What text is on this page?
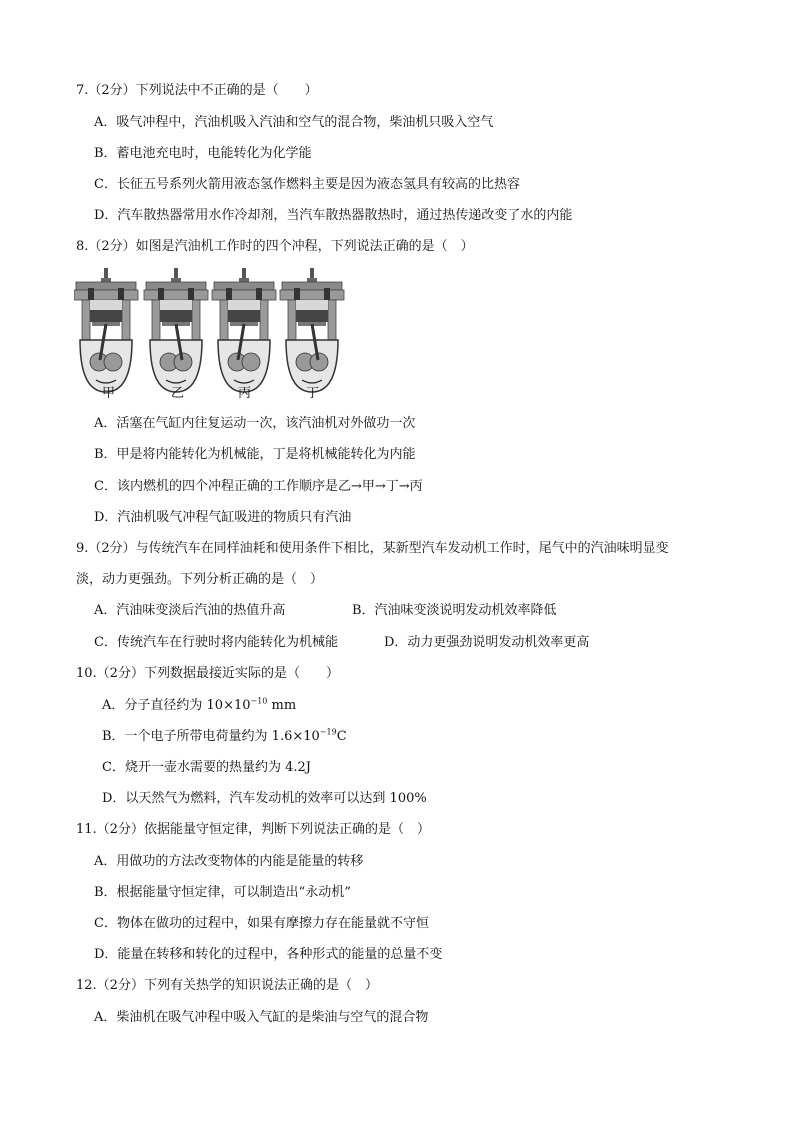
7.（2分）下列说法中不正确的是（　　）
A．吸气冲程中，汽油机吸入汽油和空气的混合物，柴油机只吸入空气
B．蓄电池充电时，电能转化为化学能
C．长征五号系列火箭用液态氢作燃料主要是因为液态氢具有较高的比热容
D．汽车散热器常用水作冷却剂，当汽车散热器散热时，通过热传递改变了水的内能
8.（2分）如图是汽油机工作时的四个冲程，下列说法正确的是（　）
甲	乙	丙	丁
A．活塞在气缸内往复运动一次，该汽油机对外做功一次
B．甲是将内能转化为机械能，丁是将机械能转化为内能
C．该内燃机的四个冲程正确的工作顺序是乙→甲→丁→丙
D．汽油机吸气冲程气缸吸进的物质只有汽油
9.（2分）与传统汽车在同样油耗和使用条件下相比，某新型汽车发动机工作时，尾气中的汽油味明显变
淡，动力更强劲。下列分析正确的是（　）
A．汽油味变淡后汽油的热值升高	B．汽油味变淡说明发动机效率降低
C．传统汽车在行驶时将内能转化为机械能	D．动力更强劲说明发动机效率更高
10.（2分）下列数据最接近实际的是（　　）
A．分子直径约为 $10\times 10^{-10}$ mm
B．一个电子所带电荷量约为 $1.6\times 10^{-19}C$
C．烧开一壶水需要的热量约为 4.2J
D．以天然气为燃料，汽车发动机的效率可以达到 100%
11.（2分）依据能量守恒定律，判断下列说法正确的是（　）
A．用做功的方法改变物体的内能是能量的转移
B．根据能量守恒定律，可以制造出“永动机”
C．物体在做功的过程中，如果有摩擦力存在能量就不守恒
D．能量在转移和转化的过程中，各种形式的能量的总量不变
12.（2分）下列有关热学的知识说法正确的是（　）
A．柴油机在吸气冲程中吸入气缸的是柴油与空气的混合物
